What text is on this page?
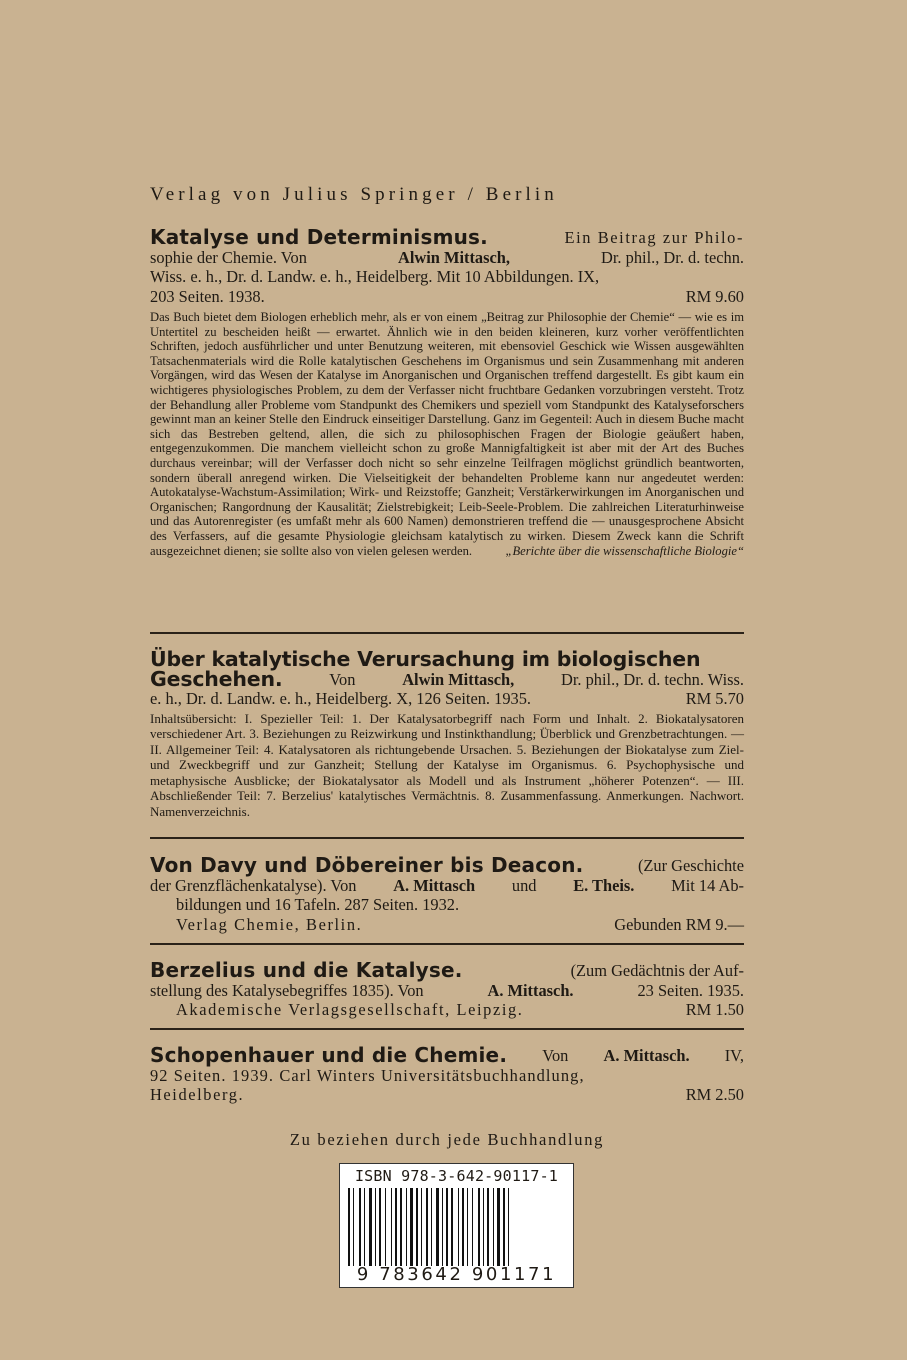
Verlag von Julius Springer / Berlin
Katalyse und Determinismus.	Ein Beitrag zur Philo-
sophie der Chemie. Von	Alwin Mittasch,	Dr. phil., Dr. d. techn.
Wiss. e. h., Dr. d. Landw. e. h., Heidelberg. Mit 10 Abbildungen. IX,
203 Seiten. 1938.	RM 9.60
Das Buch bietet dem Biologen erheblich mehr, als er von einem „Beitrag zur Philosophie der Chemie“ — wie es im Untertitel zu bescheiden heißt — erwartet. Ähnlich wie in den beiden kleineren, kurz vorher veröffentlichten Schriften, jedoch ausführlicher und unter Benutzung weiteren, mit ebensoviel Geschick wie Wissen ausgewählten Tatsachenmaterials wird die Rolle katalytischen Geschehens im Organismus und sein Zusammenhang mit anderen Vorgängen, wird das Wesen der Katalyse im Anorganischen und Organischen treffend dargestellt. Es gibt kaum ein wichtigeres physiologisches Problem, zu dem der Verfasser nicht fruchtbare Gedanken vorzubringen versteht. Trotz der Behandlung aller Probleme vom Standpunkt des Chemikers und speziell vom Standpunkt des Katalyseforschers gewinnt man an keiner Stelle den Eindruck einseitiger Darstellung. Ganz im Gegenteil: Auch in diesem Buche macht sich das Bestreben geltend, allen, die sich zu philosophischen Fragen der Biologie geäußert haben, entgegenzukommen. Die manchem vielleicht schon zu große Mannigfaltigkeit ist aber mit der Art des Buches durchaus vereinbar; will der Verfasser doch nicht so sehr einzelne Teilfragen möglichst gründlich beantworten, sondern überall anregend wirken. Die Vielseitigkeit der behandelten Probleme kann nur angedeutet werden: Autokatalyse-Wachstum-Assimilation; Wirk- und Reizstoffe; Ganzheit; Verstärkerwirkungen im Anorganischen und Organischen; Rangordnung der Kausalität; Zielstrebigkeit; Leib-Seele-Problem. Die zahlreichen Literaturhinweise und das Autorenregister (es umfaßt mehr als 600 Namen) demonstrieren treffend die — unausgesprochene Absicht des Verfassers, auf die gesamte Physiologie gleichsam katalytisch zu wirken. Diesem Zweck kann die Schrift ausgezeichnet dienen; sie sollte also von vielen gelesen werden.	„Berichte über die wissenschaftliche Biologie“
Über katalytische Verursachung im biologischen
Geschehen.	Von	Alwin Mittasch,	Dr. phil., Dr. d. techn. Wiss.
e. h., Dr. d. Landw. e. h., Heidelberg. X, 126 Seiten. 1935.	RM 5.70
Inhaltsübersicht: I. Spezieller Teil: 1. Der Katalysatorbegriff nach Form und Inhalt. 2. Biokatalysatoren verschiedener Art. 3. Beziehungen zu Reizwirkung und Instinkthandlung; Überblick und Grenzbetrachtungen. — II. Allgemeiner Teil: 4. Katalysatoren als richtungebende Ursachen. 5. Beziehungen der Biokatalyse zum Ziel- und Zweckbegriff und zur Ganzheit; Stellung der Katalyse im Organismus. 6. Psychophysische und metaphysische Ausblicke; der Biokatalysator als Modell und als Instrument „höherer Potenzen“. — III. Abschließender Teil: 7. Berzelius' katalytisches Vermächtnis. 8. Zusammenfassung. Anmerkungen. Nachwort. Namenverzeichnis.
Von Davy und Döbereiner bis Deacon.	(Zur Geschichte
der Grenzflächenkatalyse). Von A. Mittasch und E. Theis. Mit 14 Ab-
bildungen und 16 Tafeln. 287 Seiten. 1932.
Verlag Chemie, Berlin.	Gebunden RM 9.—
Berzelius und die Katalyse.	(Zum Gedächtnis der Auf-
stellung des Katalysebegriffes 1835). Von	A. Mittasch.	23 Seiten. 1935.
Akademische Verlagsgesellschaft, Leipzig.	RM 1.50
Schopenhauer und die Chemie. Von A. Mittasch. IV,
92 Seiten. 1939. Carl Winters Universitätsbuchhandlung,
Heidelberg.	RM 2.50
Zu beziehen durch jede Buchhandlung
ISBN 978-3-642-90117-1
9 783642 901171
